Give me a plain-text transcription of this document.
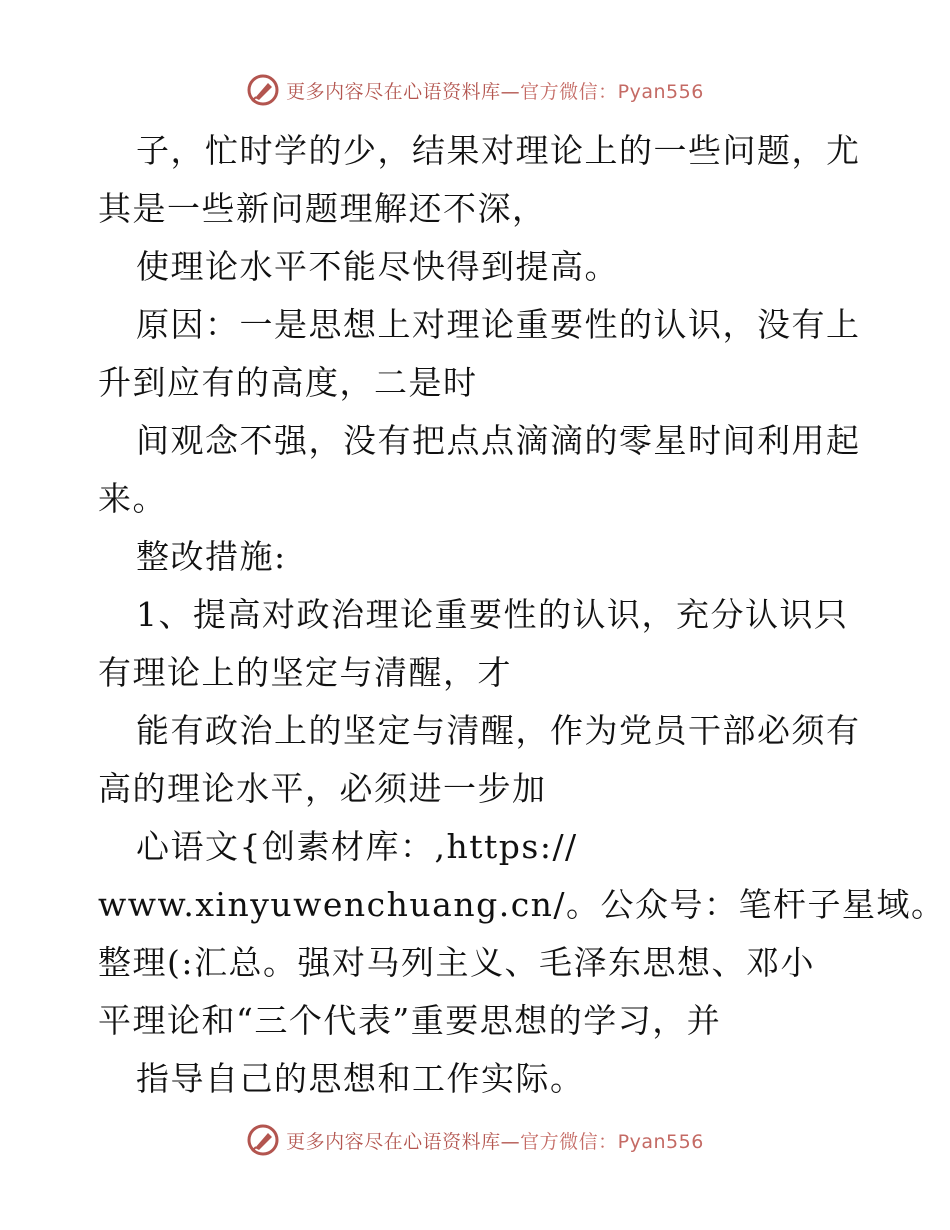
更多内容尽在心语资料库—官方微信：Pyan556
子，忙时学的少，结果对理论上的一些问题，尤
其是一些新问题理解还不深，
使理论水平不能尽快得到提高。
原因：一是思想上对理论重要性的认识，没有上
升到应有的高度，二是时
间观念不强，没有把点点滴滴的零星时间利用起
来。
整改措施:
1、提高对政治理论重要性的认识，充分认识只
有理论上的坚定与清醒，才
能有政治上的坚定与清醒，作为党员干部必须有
高的理论水平，必须进一步加
心语文{创素材库：,https://
www.xinyuwenchuang.cn/。公众号：笔杆子星域。
整理(:汇总。强对马列主义、毛泽东思想、邓小
平理论和“三个代表”重要思想的学习，并
指导自己的思想和工作实际。
更多内容尽在心语资料库—官方微信：Pyan556
